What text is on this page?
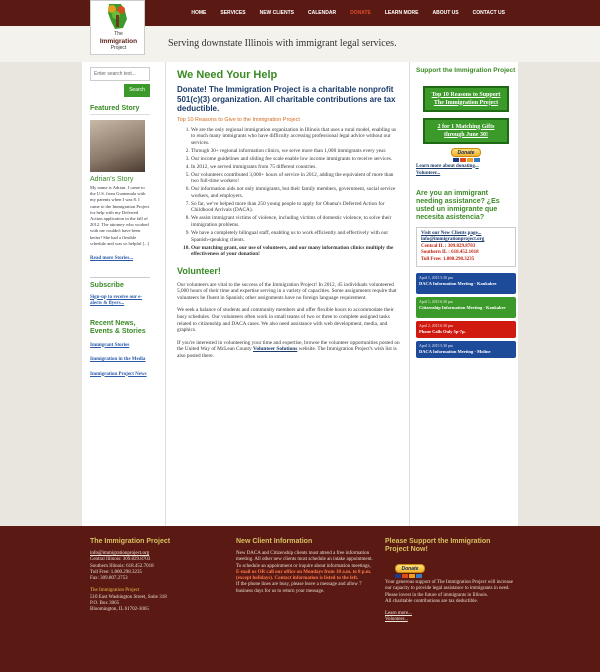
The
Immigration
Project
HOME	SERVICES	NEW CLIENTS	CALENDAR	DONATE	LEARN MORE	ABOUT US	CONTACT US
Serving downstate Illinois with immigrant legal services.
Enter search text...
Search
Featured Story
Adrian's Story
My name is Adrian. I came to the U.S. from Guatemala with my parents when I was 8. I came to the Immigration Project for help with my Deferred Action application in the fall of 2012. The attorney who worked with me couldn't have been better! She had a flexible schedule and was so helpful [...]
Read more Stories...
Subscribe
Sign-up to receive our e-alerts & flyers...
Recent News, Events & Stories
Immigrant Stories
Immigration in the Media
Immigration Project News
We Need Your Help
Donate! The Immigration Project is a charitable nonprofit 501(c)(3) organization. All charitable contributions are tax deductible.
Top 10 Reasons to Give to the Immigration Project
1. We are the only regional immigration organization in Illinois that uses a rural model, enabling us to reach many immigrants who have difficulty accessing professional legal advice without our services.
2. Through 30+ regional information clinics, we serve more than 1,000 immigrants every year.
3. Our income guidelines and sliding fee scale enable low income immigrants to receive services.
4. In 2012, we served immigrants from 75 different countries.
5. Our volunteers contributed 3,000+ hours of service in 2012, adding the equivalent of more than two full-time workers!
6. Our information aids not only immigrants, but their family members, government, social service workers, and employers.
7. So far, we've helped more than 250 young people to apply for Obama's Deferred Action for Childhood Arrivals (DACA).
8. We assist immigrant victims of violence, including victims of domestic violence, to solve their immigration problems.
9. We have a completely bilingual staff, enabling us to work efficiently and effectively with our Spanish-speaking clients.
10. Our matching grant, our use of volunteers, and our many information clinics multiply the effectiveness of your donation!
Volunteer!

Our volunteers are vital to the success of the Immigration Project! In 2012, 45 individuals volunteered 5,000 hours of their time and expertise serving in a variety of capacities. Some assignments require that volunteers be fluent in Spanish; other assignments have no foreign language requirement.

We seek a balance of students and community members and offer flexible hours to accommodate their busy schedules. Our volunteers often work in small teams of two or three to complete assigned tasks related to citizenship and DACA cases. We also need assistance with web development, media, and graphics.

If you're interested in volunteering your time and expertise, browse the volunteer opportunities posted on the United Way of McLean County Volunteer Solutions website. The Immigration Project's wish list is also posted there.

Support the Immigration Project
Top 10 Reasons to Support The Immigration Project
2 for 1 Matching Gifts through June 30!
Donate
Learn more about donating...
Volunteer...
Are you an immigrant needing assistance? ¿Es usted un inmigrante que necesita asistencia?
Visit our New Clients page...
info@immigrationproject.org
Central IL : 309.829.8703
Southern IL : 618.452.1018
Toll Free: 1.800.298.3235
April 1, 2015 5:30 pm
DACA Information Meeting - Kankakee
April 1, 2015 6:30 pm
Citizenship Information Meeting - Kankakee
April 2, 2015 6:30 pm
Phone Calls Only 5p-7p.
April 3, 2015 5:30 pm
DACA Information Meeting - Moline
The Immigration Project
info@immigrationproject.org
Central Illinois: 309.829.8703
Southern Illinois: 618.452.7018
Toll Free: 1.800.298.3235
Fax: 309.807.2753
The Immigration Project
510 East Washington Street, Suite 318
P.O. Box 3065
Bloomington, IL 61702-3065
New Client Information
New DACA and Citizenship clients must attend a free information meeting. All other new clients must schedule an intake appointment. To schedule an appointment or inquire about information meetings,
E-mail us OR call our office on Mondays from 10 a.m. to 8 p.m. (except holidays). Contact information is listed to the left.
If the phone lines are busy, please leave a message and allow 7 business days for us to return your message.
Please Support the Immigration Project Now!
Donate
Your generous support of The Immigration Project will increase our capacity to provide legal assistance to immigrants in need. Please invest in the future of immigrants in Illinois.
All charitable contributions are tax deductible.
Learn more...
Volunteer...
